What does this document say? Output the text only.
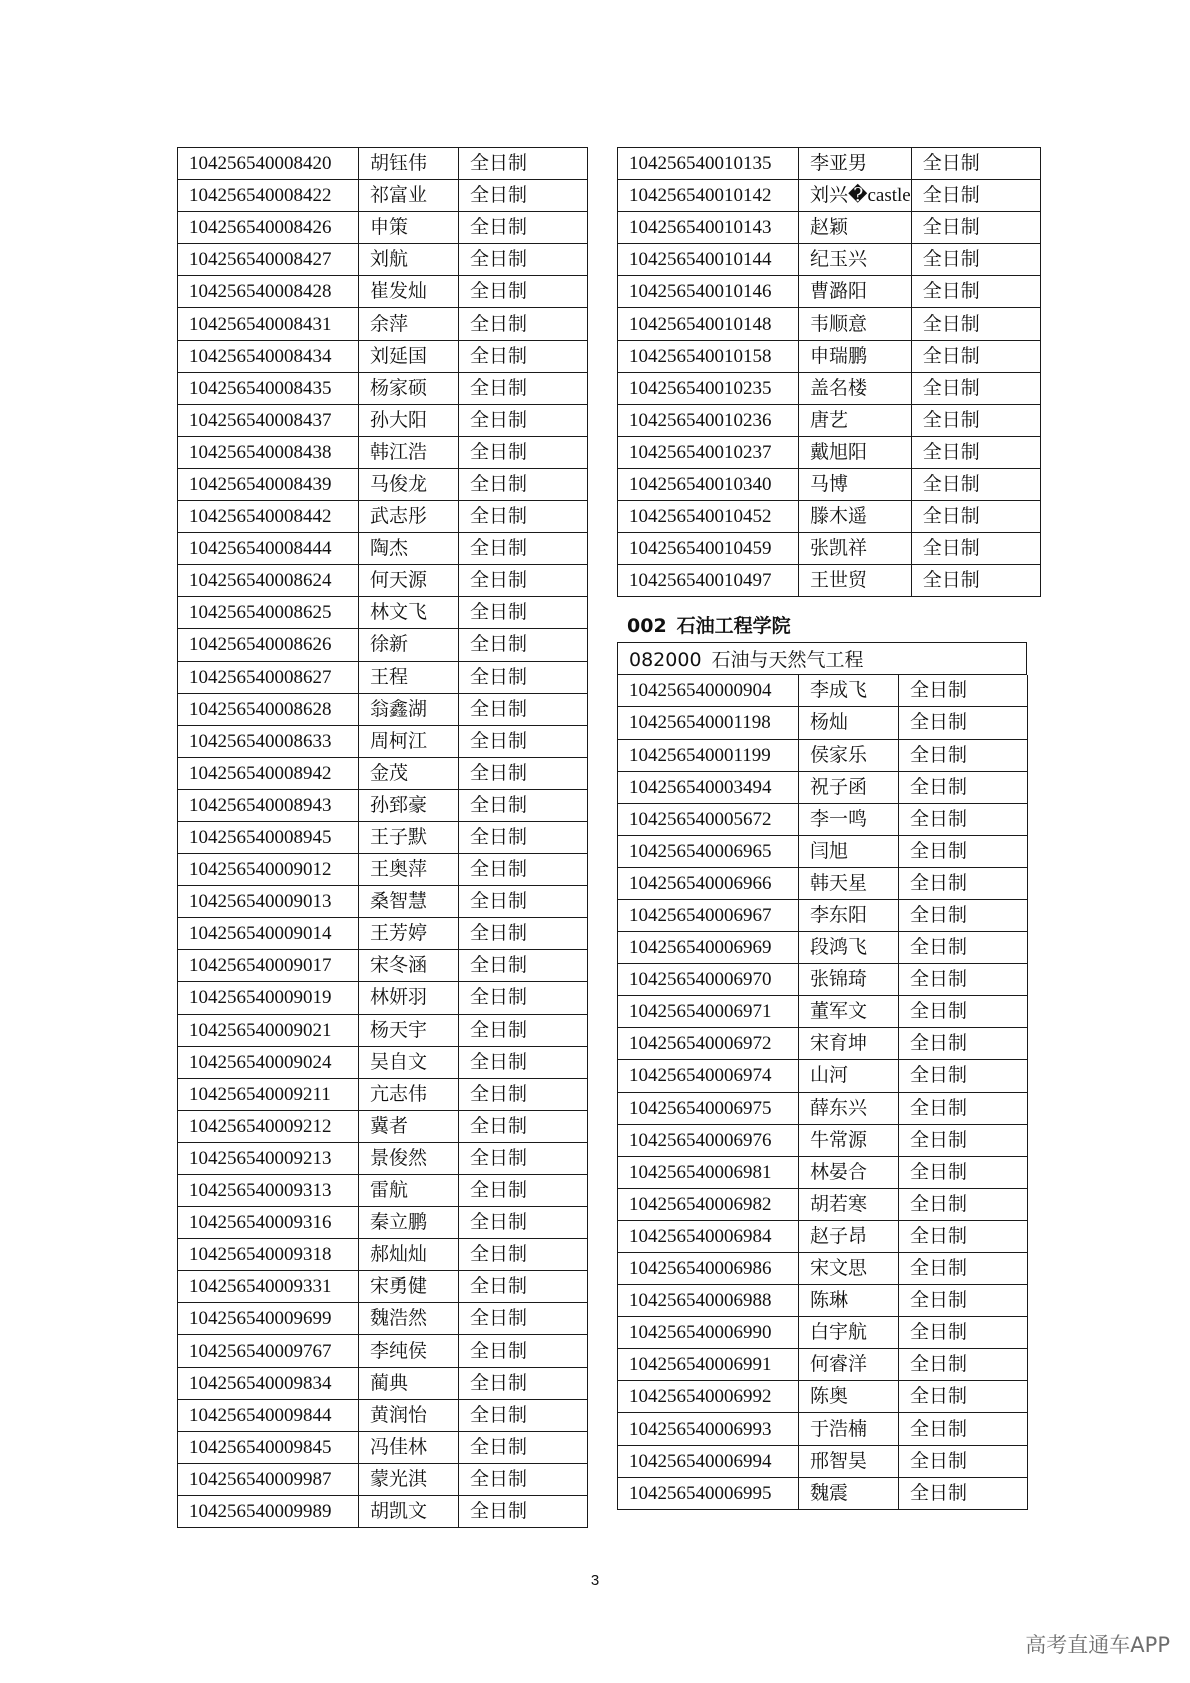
104256540008420	胡钰伟	全日制
104256540008422	祁富业	全日制
104256540008426	申策	全日制
104256540008427	刘航	全日制
104256540008428	崔发灿	全日制
104256540008431	余萍	全日制
104256540008434	刘延国	全日制
104256540008435	杨家硕	全日制
104256540008437	孙大阳	全日制
104256540008438	韩江浩	全日制
104256540008439	马俊龙	全日制
104256540008442	武志彤	全日制
104256540008444	陶杰	全日制
104256540008624	何天源	全日制
104256540008625	林文飞	全日制
104256540008626	徐新	全日制
104256540008627	王程	全日制
104256540008628	翁鑫湖	全日制
104256540008633	周柯江	全日制
104256540008942	金茂	全日制
104256540008943	孙郅豪	全日制
104256540008945	王子默	全日制
104256540009012	王奥萍	全日制
104256540009013	桑智慧	全日制
104256540009014	王芳婷	全日制
104256540009017	宋冬涵	全日制
104256540009019	林妍羽	全日制
104256540009021	杨天宇	全日制
104256540009024	吴自文	全日制
104256540009211	亢志伟	全日制
104256540009212	冀者	全日制
104256540009213	景俊然	全日制
104256540009313	雷航	全日制
104256540009316	秦立鹏	全日制
104256540009318	郝灿灿	全日制
104256540009331	宋勇健	全日制
104256540009699	魏浩然	全日制
104256540009767	李纯侯	全日制
104256540009834	蔺典	全日制
104256540009844	黄润怡	全日制
104256540009845	冯佳林	全日制
104256540009987	蒙光淇	全日制
104256540009989	胡凯文	全日制
104256540010135	李亚男	全日制
104256540010142	刘兴�castle	全日制
104256540010143	赵颖	全日制
104256540010144	纪玉兴	全日制
104256540010146	曹潞阳	全日制
104256540010148	韦顺意	全日制
104256540010158	申瑞鹏	全日制
104256540010235	盖名楼	全日制
104256540010236	唐艺	全日制
104256540010237	戴旭阳	全日制
104256540010340	马博	全日制
104256540010452	滕木遥	全日制
104256540010459	张凯祥	全日制
104256540010497	王世贸	全日制
002 石油工程学院
082000 石油与天然气工程
104256540000904	李成飞	全日制
104256540001198	杨灿	全日制
104256540001199	侯家乐	全日制
104256540003494	祝子函	全日制
104256540005672	李一鸣	全日制
104256540006965	闫旭	全日制
104256540006966	韩天星	全日制
104256540006967	李东阳	全日制
104256540006969	段鸿飞	全日制
104256540006970	张锦琦	全日制
104256540006971	董军文	全日制
104256540006972	宋育坤	全日制
104256540006974	山河	全日制
104256540006975	薛东兴	全日制
104256540006976	牛常源	全日制
104256540006981	林晏合	全日制
104256540006982	胡若寒	全日制
104256540006984	赵子昂	全日制
104256540006986	宋文思	全日制
104256540006988	陈琳	全日制
104256540006990	白宇航	全日制
104256540006991	何睿洋	全日制
104256540006992	陈奥	全日制
104256540006993	于浩楠	全日制
104256540006994	邢智昊	全日制
104256540006995	魏震	全日制
3
高考直通车APP
